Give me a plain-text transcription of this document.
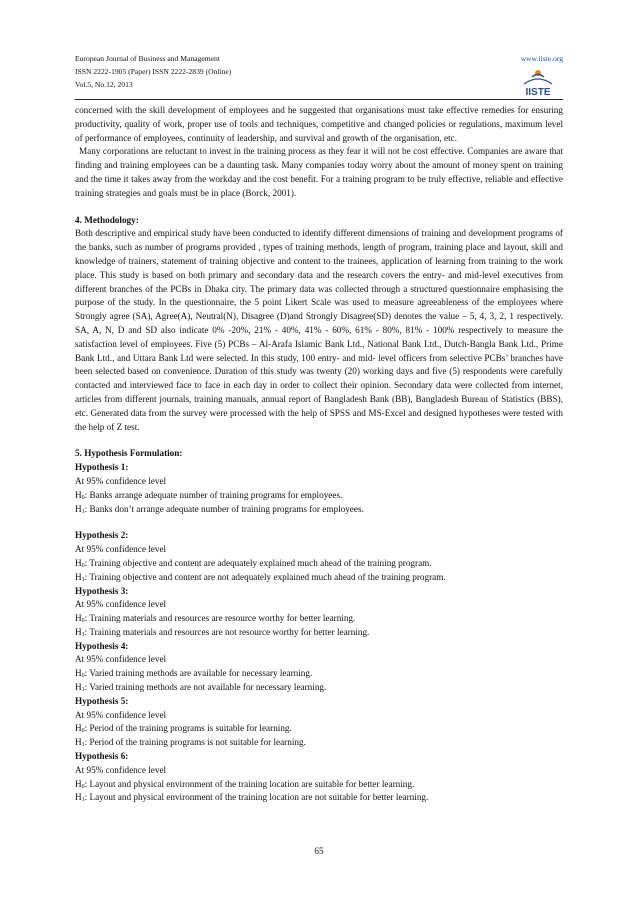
European Journal of Business and Management	www.iiste.org
ISSN 2222-1905 (Paper) ISSN 2222-2839 (Online)
Vol.5, No.12, 2013
IISTE

concerned with the skill development of employees and he suggested that organisations must take effective remedies for ensuring productivity, quality of work, proper use of tools and techniques, competitive and changed policies or regulations, maximum level of performance of employees, continuity of leadership, and survival and growth of the organisation, etc.

Many corporations are reluctant to invest in the training process as they fear it will not be cost effective. Companies are aware that finding and training employees can be a daunting task. Many companies today worry about the amount of money spent on training and the time it takes away from the workday and the cost benefit. For a training program to be truly effective, reliable and effective training strategies and goals must be in place (Borck, 2001).

4. Methodology:

Both descriptive and empirical study have been conducted to identify different dimensions of training and development programs of the banks, such as number of programs provided , types of training methods, length of program, training place and layout, skill and knowledge of trainers, statement of training objective and content to the trainees, application of learning from training to the work place. This study is based on both primary and secondary data and the research covers the entry- and mid-level executives from different branches of the PCBs in Dhaka city. The primary data was collected through a structured questionnaire emphasising the purpose of the study. In the questionnaire, the 5 point Likert Scale was used to measure agreeableness of the employees where Strongly agree (SA), Agree(A), Neutral(N), Disagree (D)and Strongly Disagree(SD) denotes the value – 5, 4, 3, 2, 1 respectively. SA, A, N, D and SD also indicate 0% -20%, 21% - 40%, 41% - 60%, 61% - 80%, 81% - 100% respectively to measure the satisfaction level of employees. Five (5) PCBs – Al-Arafa Islamic Bank Ltd., National Bank Ltd., Dutch-Bangla Bank Ltd., Prime Bank Ltd., and Uttara Bank Ltd were selected. In this study, 100 entry- and mid- level officers from selective PCBs’ branches have been selected based on convenience. Duration of this study was twenty (20) working days and five (5) respondents were carefully contacted and interviewed face to face in each day in order to collect their opinion. Secondary data were collected from internet, articles from different journals, training manuals, annual report of Bangladesh Bank (BB), Bangladesh Bureau of Statistics (BBS), etc. Generated data from the survey were processed with the help of SPSS and MS-Excel and designed hypotheses were tested with the help of Z test.

5. Hypothesis Formulation:

Hypothesis 1:

At 95% confidence level

$H_0$: Banks arrange adequate number of training programs for employees.

$H_1$: Banks don’t arrange adequate number of training programs for employees.

Hypothesis 2:

At 95% confidence level

$H_0$: Training objective and content are adequately explained much ahead of the training program.

$H_1$: Training objective and content are not adequately explained much ahead of the training program.

Hypothesis 3:

At 95% confidence level

$H_0$: Training materials and resources are resource worthy for better learning.

$H_1$: Training materials and resources are not resource worthy for better learning.

Hypothesis 4:

At 95% confidence level

$H_0$: Varied training methods are available for necessary learning.

$H_1$: Varied training methods are not available for necessary learning.

Hypothesis 5:

At 95% confidence level

$H_0$: Period of the training programs is suitable for learning.

$H_1$: Period of the training programs is not suitable for learning.

Hypothesis 6:

At 95% confidence level

$H_0$: Layout and physical environment of the training location are suitable for better learning.

$H_1$: Layout and physical environment of the training location are not suitable for better learning.

65
